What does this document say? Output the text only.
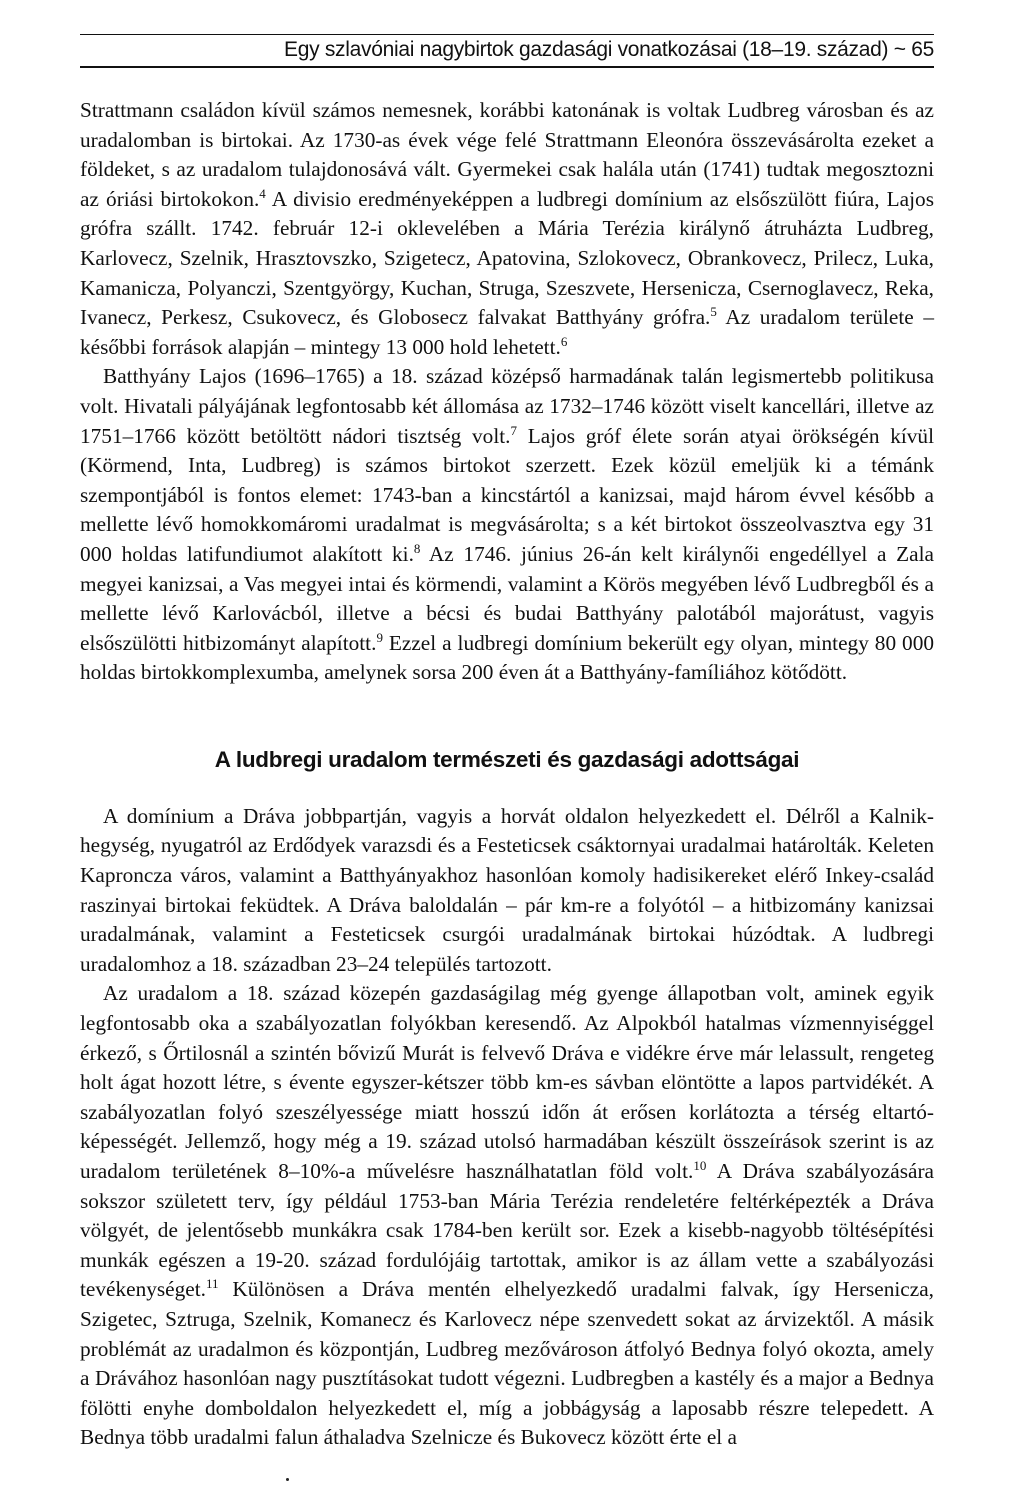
Egy szlavóniai nagybirtok gazdasági vonatkozásai (18–19. század) ~ 65

Strattmann családon kívül számos nemesnek, korábbi katonának is voltak Ludbreg városban és az uradalomban is birtokai. Az 1730-as évek vége felé Strattmann Eleonóra összevásárolta ezeket a földeket, s az uradalom tulajdonosává vált. Gyermekei csak halála után (1741) tudtak megosztozni az óriási birtokokon.$^4$ A divisio eredményeképpen a ludbregi domínium az elsőszülött fiúra, Lajos grófra szállt. 1742. február 12-i oklevelében a Mária Terézia királynő átruházta Ludbreg, Karlovecz, Szelnik, Hrasztovszko, Szigetecz, Apatovina, Szlokovecz, Obrankovecz, Prilecz, Luka, Kamanicza, Polyanczi, Szentgyörgy, Kuchan, Struga, Szeszvete, Hersenicza, Csernoglavecz, Reka, Ivanecz, Perkesz, Csukovecz, és Globosecz falvakat Batthyány grófra.$^5$ Az uradalom területe – későbbi források alapján – mintegy 13 000 hold lehetett.$^6$

Batthyány Lajos (1696–1765) a 18. század középső harmadának talán legismertebb politikusa volt. Hivatali pályájának legfontosabb két állomása az 1732–1746 között viselt kancellári, illetve az 1751–1766 között betöltött nádori tisztség volt.$^7$ Lajos gróf élete során atyai örökségén kívül (Körmend, Inta, Ludbreg) is számos birtokot szerzett. Ezek közül emeljük ki a témánk szempontjából is fontos elemet: 1743-ban a kincstártól a kanizsai, majd három évvel később a mellette lévő homokkomáromi uradalmat is megvásárolta; s a két birtokot összeolvasztva egy 31 000 holdas latifundiumot alakított ki.$^8$ Az 1746. június 26-án kelt királynői engedéllyel a Zala megyei kanizsai, a Vas megyei intai és körmendi, valamint a Körös megyében lévő Ludbregből és a mellette lévő Karlovácból, illetve a bécsi és budai Batthyány palotából majorátust, vagyis elsőszülötti hitbizományt alapított.$^9$ Ezzel a ludbregi domínium bekerült egy olyan, mintegy 80 000 holdas birtokkomplexumba, amelynek sorsa 200 éven át a Batthyány-famíliához kötődött.

A ludbregi uradalom természeti és gazdasági adottságai

A domínium a Dráva jobbpartján, vagyis a horvát oldalon helyezkedett el. Délről a Kalnik-hegység, nyugatról az Erdődyek varazsdi és a Festeticsek csáktornyai uradalmai határolták. Keleten Kaproncza város, valamint a Batthyányakhoz hasonlóan komoly hadisikereket elérő Inkey-család raszinyai birtokai feküdtek. A Dráva baloldalán – pár km-re a folyótól – a hitbizomány kanizsai uradalmának, valamint a Festeticsek csurgói uradalmának birtokai húzódtak. A ludbregi uradalomhoz a 18. században 23–24 település tartozott.

Az uradalom a 18. század közepén gazdaságilag még gyenge állapotban volt, aminek egyik legfontosabb oka a szabályozatlan folyókban keresendő. Az Alpokból hatalmas vízmennyiséggel érkező, s Őrtilosnál a szintén bővizű Murát is felvevő Dráva e vidékre érve már lelassult, rengeteg holt ágat hozott létre, s évente egyszer-kétszer több km-es sávban elöntötte a lapos partvidékét. A szabályozatlan folyó szeszélyessége miatt hosszú időn át erősen korlátozta a térség eltartó-képességét. Jellemző, hogy még a 19. század utolsó harmadában készült összeírások szerint is az uradalom területének 8–10%-a művelésre használhatatlan föld volt.$^{10}$ A Dráva szabályozására sokszor született terv, így például 1753-ban Mária Terézia rendeletére feltérképezték a Dráva völgyét, de jelentősebb munkákra csak 1784-ben került sor. Ezek a kisebb-nagyobb töltésépítési munkák egészen a 19-20. század fordulójáig tartottak, amikor is az állam vette a szabályozási tevékenységet.$^{11}$ Különösen a Dráva mentén elhelyezkedő uradalmi falvak, így Hersenicza, Szigetec, Sztruga, Szelnik, Komanecz és Karlovecz népe szenvedett sokat az árvizektől. A másik problémát az uradalmon és központján, Ludbreg mezővároson átfolyó Bednya folyó okozta, amely a Drávához hasonlóan nagy pusztításokat tudott végezni. Ludbregben a kastély és a major a Bednya fölötti enyhe domboldalon helyezkedett el, míg a jobbágyság a laposabb részre telepedett. A Bednya több uradalmi falun áthaladva Szelnicze és Bukovecz között érte el a
